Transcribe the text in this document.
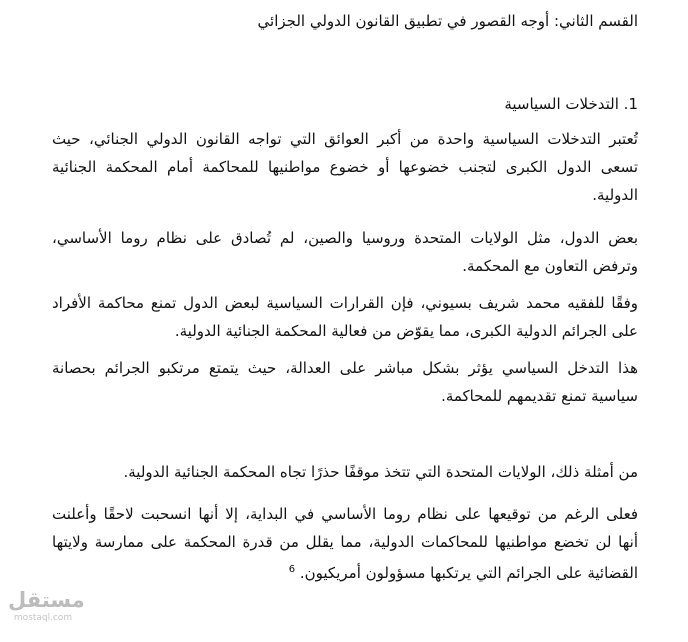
القسم الثاني: أوجه القصور في تطبيق القانون الدولي الجزائي
1. التدخلات السياسية
تُعتبر التدخلات السياسية واحدة من أكبر العوائق التي تواجه القانون الدولي الجنائي، حيث
تسعى الدول الكبرى لتجنب خضوعها أو خضوع مواطنيها للمحاكمة أمام المحكمة الجنائية
الدولية.
بعض الدول، مثل الولايات المتحدة وروسيا والصين، لم تُصادق على نظام روما الأساسي،
وترفض التعاون مع المحكمة.
وفقًا للفقيه محمد شريف بسيوني، فإن القرارات السياسية لبعض الدول تمنع محاكمة الأفراد
على الجرائم الدولية الكبرى، مما يقوّض من فعالية المحكمة الجنائية الدولية.
هذا التدخل السياسي يؤثر بشكل مباشر على العدالة، حيث يتمتع مرتكبو الجرائم بحصانة
سياسية تمنع تقديمهم للمحاكمة.
من أمثلة ذلك، الولايات المتحدة التي تتخذ موقفًا حذرًا تجاه المحكمة الجنائية الدولية.
فعلى الرغم من توقيعها على نظام روما الأساسي في البداية، إلا أنها انسحبت لاحقًا وأعلنت
أنها لن تخضع مواطنيها للمحاكمات الدولية، مما يقلل من قدرة المحكمة على ممارسة ولايتها
القضائية على الجرائم التي يرتكبها مسؤولون أمريكيون. $^6$
مستقل
mostaql.com
